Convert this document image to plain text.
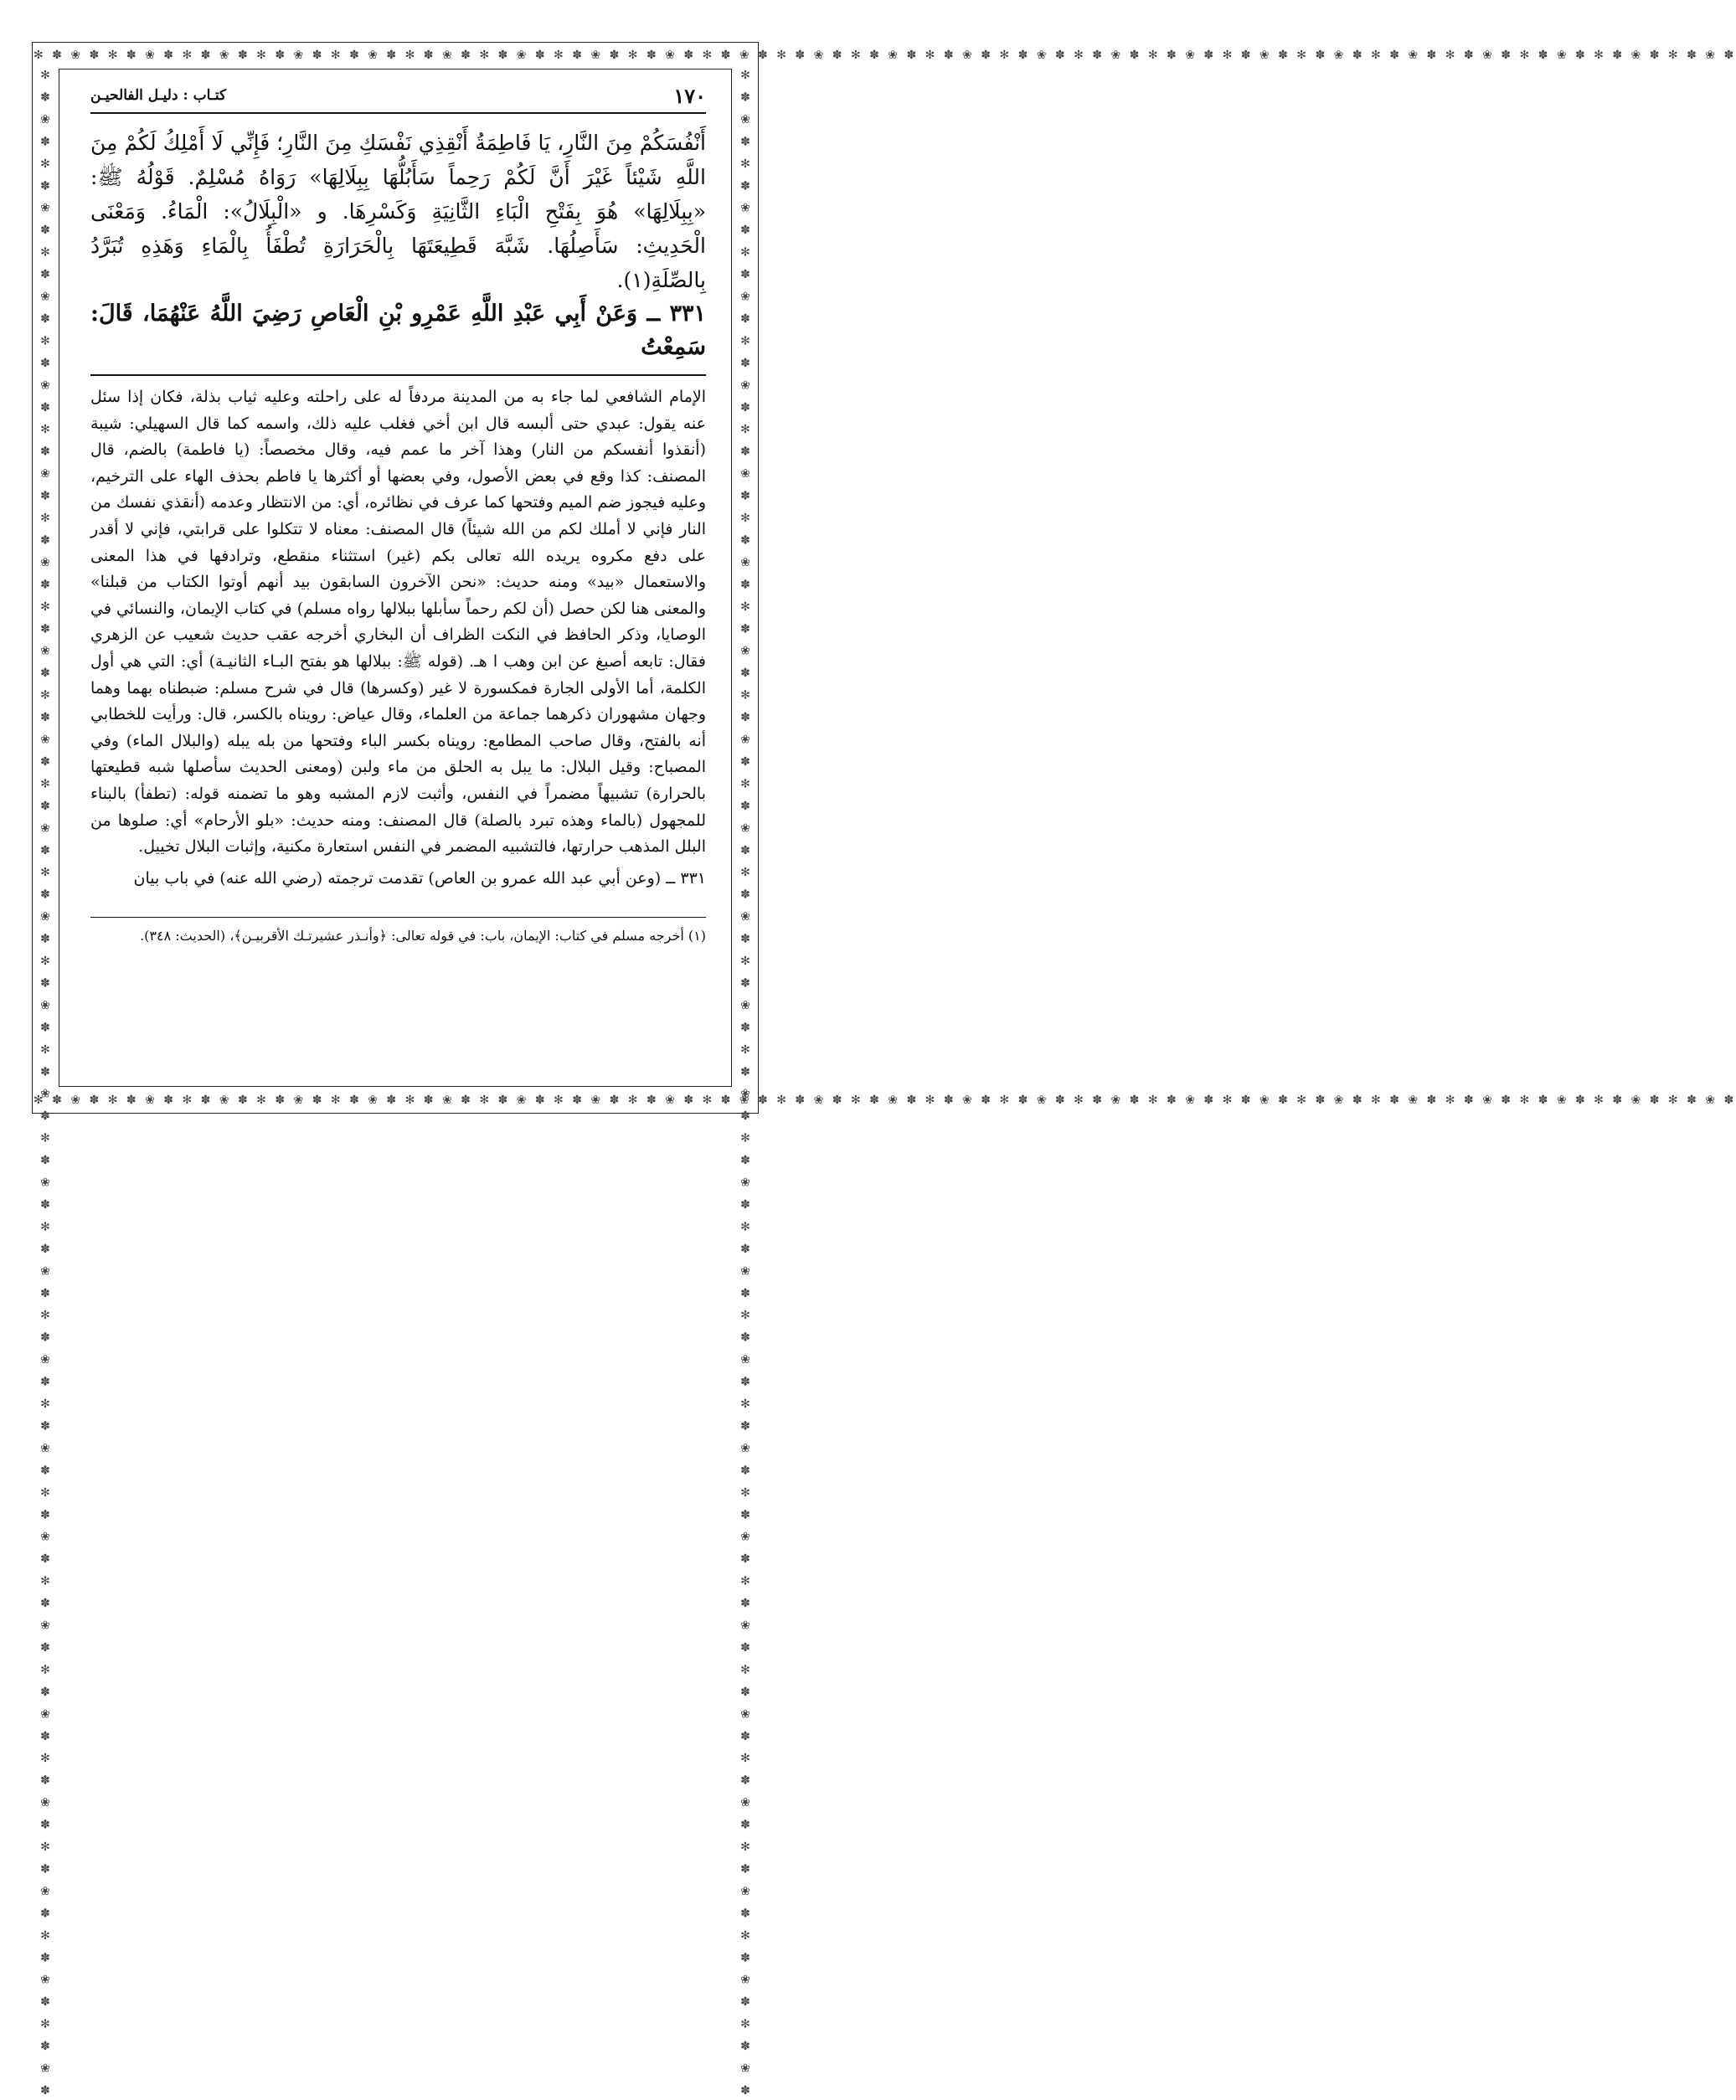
✻ ✽ ❀ ✽ ✻ ✽ ❀ ✽ ✻ ✽ ❀ ✽ ✻ ✽ ❀ ✽ ✻ ✽ ❀ ✽ ✻ ✽ ❀ ✽ ✻ ✽ ❀ ✽ ✻ ✽ ❀ ✽ ✻ ✽ ❀ ✽ ✻ ✽ ❀ ✽ ✻ ✽ ❀ ✽ ✻ ✽ ❀ ✽ ✻ ✽ ❀ ✽ ✻ ✽ ❀ ✽ ✻ ✽ ❀ ✽ ✻ ✽ ❀ ✽ ✻ ✽ ❀ ✽ ✻ ✽ ❀ ✽ ✻ ✽ ❀ ✽ ✻ ✽ ❀ ✽ ✻ ✽ ❀ ✽ ✻ ✽ ❀ ✽ ✻ ✽ ❀ ✽
✻ ✽ ❀ ✽ ✻ ✽ ❀ ✽ ✻ ✽ ❀ ✽ ✻ ✽ ❀ ✽ ✻ ✽ ❀ ✽ ✻ ✽ ❀ ✽ ✻ ✽ ❀ ✽ ✻ ✽ ❀ ✽ ✻ ✽ ❀ ✽ ✻ ✽ ❀ ✽ ✻ ✽ ❀ ✽ ✻ ✽ ❀ ✽ ✻ ✽ ❀ ✽ ✻ ✽ ❀ ✽ ✻ ✽ ❀ ✽ ✻ ✽ ❀ ✽ ✻ ✽ ❀ ✽ ✻ ✽ ❀ ✽ ✻ ✽ ❀ ✽ ✻ ✽ ❀ ✽ ✻ ✽ ❀ ✽ ✻ ✽ ❀ ✽ ✻ ✽ ❀ ✽
✻ ✽ ❀ ✽ ✻ ✽ ❀ ✽ ✻ ✽ ❀ ✽ ✻ ✽ ❀ ✽ ✻ ✽ ❀ ✽ ✻ ✽ ❀ ✽ ✻ ✽ ❀ ✽ ✻ ✽ ❀ ✽ ✻ ✽ ❀ ✽ ✻ ✽ ❀ ✽ ✻ ✽ ❀ ✽ ✻ ✽ ❀ ✽ ✻ ✽ ❀ ✽ ✻ ✽ ❀ ✽ ✻ ✽ ❀ ✽ ✻ ✽ ❀ ✽ ✻ ✽ ❀ ✽ ✻ ✽ ❀ ✽ ✻ ✽ ❀ ✽ ✻ ✽ ❀ ✽ ✻ ✽ ❀ ✽ ✻ ✽ ❀ ✽ ✻ ✽ ❀ ✽	✻ ✽ ❀ ✽ ✻ ✽ ❀ ✽ ✻ ✽ ❀ ✽ ✻ ✽ ❀ ✽ ✻ ✽ ❀ ✽ ✻ ✽ ❀ ✽ ✻ ✽ ❀ ✽ ✻ ✽ ❀ ✽ ✻ ✽ ❀ ✽ ✻ ✽ ❀ ✽ ✻ ✽ ❀ ✽ ✻ ✽ ❀ ✽ ✻ ✽ ❀ ✽ ✻ ✽ ❀ ✽ ✻ ✽ ❀ ✽ ✻ ✽ ❀ ✽ ✻ ✽ ❀ ✽ ✻ ✽ ❀ ✽ ✻ ✽ ❀ ✽ ✻ ✽ ❀ ✽ ✻ ✽ ❀ ✽ ✻ ✽ ❀ ✽ ✻ ✽ ❀ ✽
١٧٠
كتـاب : دليـل الفالحيـن

أَنْفُسَكُمْ مِنَ النَّارِ، يَا فَاطِمَةُ أَنْقِذِي نَفْسَكِ مِنَ النَّارِ؛ فَإِنِّي لَا أَمْلِكُ لَكُمْ مِنَ اللَّهِ شَيْئاً غَيْرَ أَنَّ لَكُمْ رَحِماً سَأَبُلُّهَا بِبِلَالِهَا» رَوَاهُ مُسْلِمٌ. قَوْلُهُ ﷺ: «بِبِلَالِهَا» هُوَ بِفَتْحِ الْبَاءِ الثَّانِيَةِ وَكَسْرِهَا. و «الْبِلَالُ»: الْمَاءُ. وَمَعْنَى الْحَدِيثِ: سَأَصِلُهَا. شَبَّهَ قَطِيعَتَهَا بِالْحَرَارَةِ تُطْفَأُ بِالْمَاءِ وَهَذِهِ تُبَرَّدُ بِالصِّلَةِ(١).

٣٣١ ــ وَعَنْ أَبِي عَبْدِ اللَّهِ عَمْرِو بْنِ الْعَاصِ رَضِيَ اللَّهُ عَنْهُمَا، قَالَ: سَمِعْتُ

الإمام الشافعي لما جاء به من المدينة مردفاً له على راحلته وعليه ثياب بذلة، فكان إذا سئل عنه يقول: عبدي حتى ألبسه قال ابن أخي فغلب عليه ذلك، واسمه كما قال السهيلي: شيبة (أنقذوا أنفسكم من النار) وهذا آخر ما عمم فيه، وقال مخصصاً: (يا فاطمة) بالضم، قال المصنف: كذا وقع في بعض الأصول، وفي بعضها أو أكثرها يا فاطم بحذف الهاء على الترخيم، وعليه فيجوز ضم الميم وفتحها كما عرف في نظائره، أي: من الانتظار وعدمه (أنقذي نفسك من النار فإني لا أملك لكم من الله شيئاً) قال المصنف: معناه لا تتكلوا على قرابتي، فإني لا أقدر على دفع مكروه يريده الله تعالى بكم (غير) استثناء منقطع، وترادفها في هذا المعنى والاستعمال «بيد» ومنه حديث: «نحن الآخرون السابقون بيد أنهم أوتوا الكتاب من قبلنا» والمعنى هنا لكن حصل (أن لكم رحماً سأبلها ببلالها رواه مسلم) في كتاب الإيمان، والنسائي في الوصايا، وذكر الحافظ في النكت الظراف أن البخاري أخرجه عقب حديث شعيب عن الزهري فقال: تابعه أصبغ عن ابن وهب ا هـ. (قوله ﷺ: ببلالها هو بفتح البـاء الثانيـة) أي: التي هي أول الكلمة، أما الأولى الجارة فمكسورة لا غير (وكسرها) قال في شرح مسلم: ضبطناه بهما وهما وجهان مشهوران ذكرهما جماعة من العلماء، وقال عياض: رويناه بالكسر، قال: ورأيت للخطابي أنه بالفتح، وقال صاحب المطامع: رويناه بكسر الباء وفتحها من بله يبله (والبلال الماء) وفي المصباح: وقيل البلال: ما يبل به الحلق من ماء ولبن (ومعنى الحديث سأصلها شبه قطيعتها بالحرارة) تشبيهاً مضمراً في النفس، وأثبت لازم المشبه وهو ما تضمنه قوله: (تطفأ) بالبناء للمجهول (بالماء وهذه تبرد بالصلة) قال المصنف: ومنه حديث: «بلو الأرحام» أي: صلوها من البلل المذهب حرارتها، فالتشبيه المضمر في النفس استعارة مكنية، وإثبات البلال تخييل.

٣٣١ ــ (وعن أبي عبد الله عمرو بن العاص) تقدمت ترجمته (رضي الله عنه) في باب بيان

(١) أخرجه مسلم في كتاب: الإيمان، باب: في قوله تعالى: ﴿وأنـذر عشيرتـك الأقربيـن﴾، (الحديث: ٣٤٨).
